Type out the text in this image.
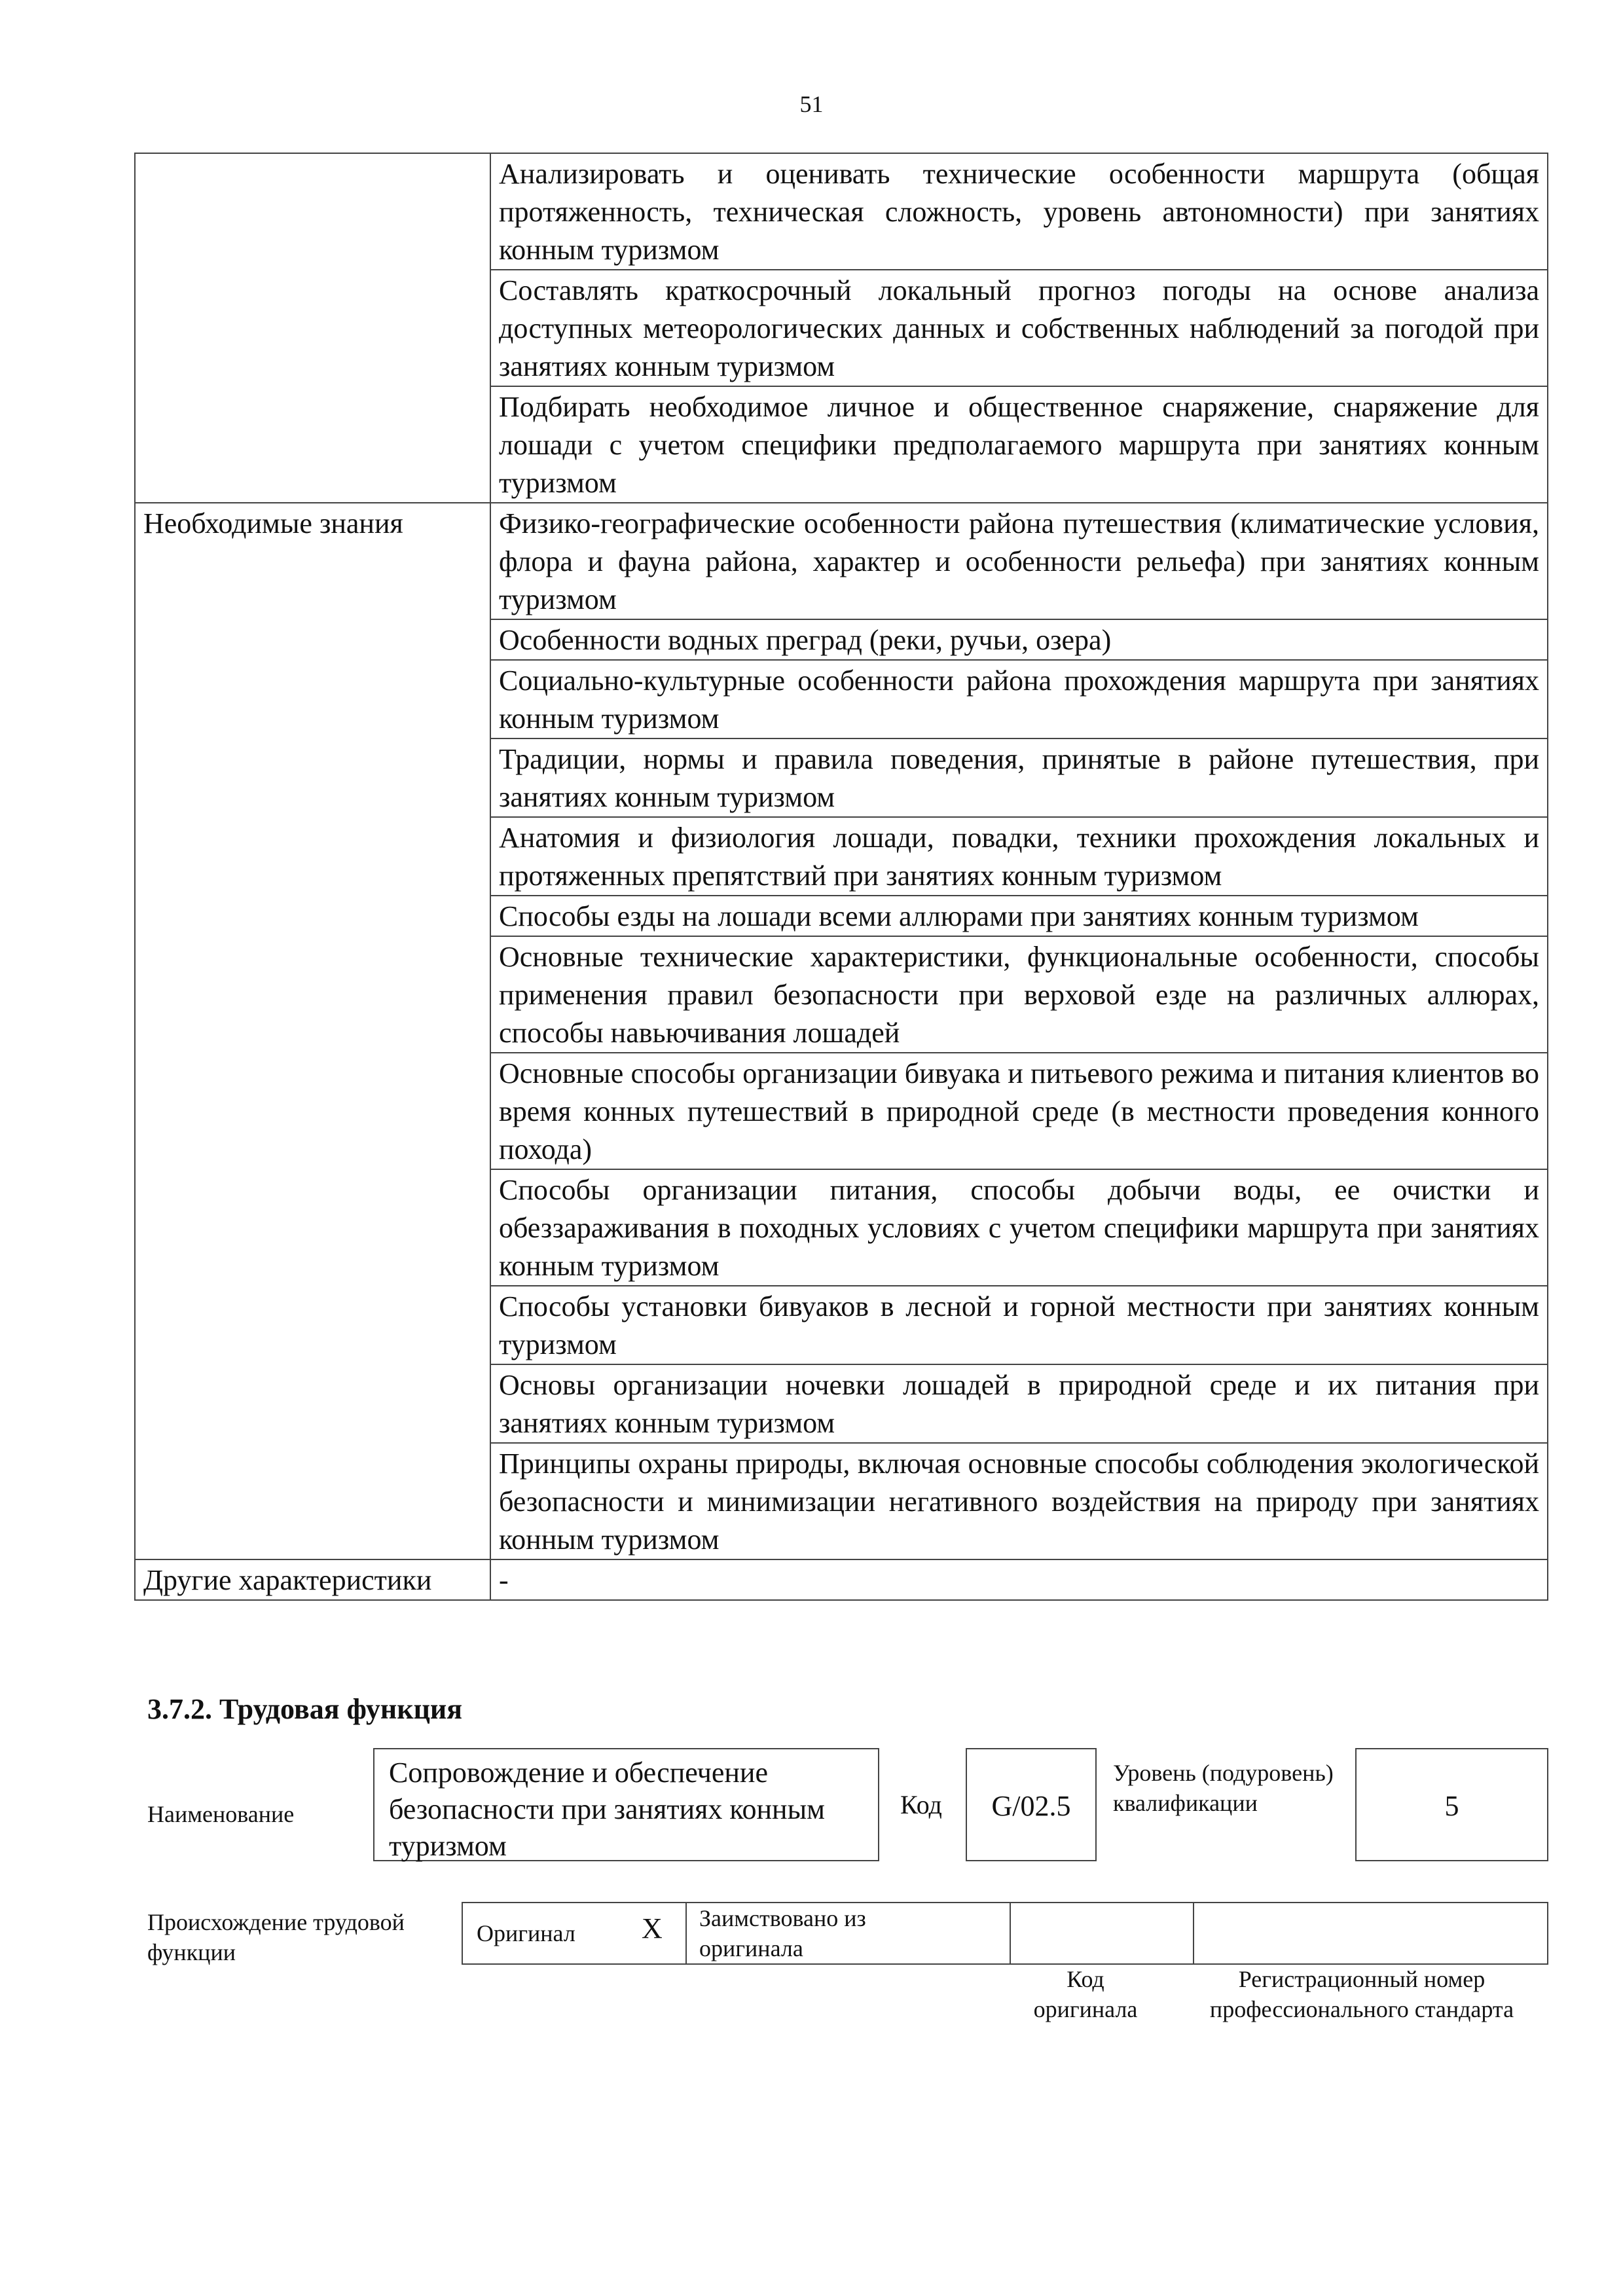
51
	Анализировать и оценивать технические особенности маршрута (общая протяженность, техническая сложность, уровень автономности) при занятиях конным туризмом
	Составлять краткосрочный локальный прогноз погоды на основе анализа доступных метеорологических данных и собственных наблюдений за погодой при занятиях конным туризмом
	Подбирать необходимое личное и общественное снаряжение, снаряжение для лошади с учетом специфики предполагаемого маршрута при занятиях конным туризмом
Необходимые знания	Физико-географические особенности района путешествия (климатические условия, флора и фауна района, характер и особенности рельефа) при занятиях конным туризмом
	Особенности водных преград (реки, ручьи, озера)
	Социально-культурные особенности района прохождения маршрута при занятиях конным туризмом
	Традиции, нормы и правила поведения, принятые в районе путешествия, при занятиях конным туризмом
	Анатомия и физиология лошади, повадки, техники прохождения локальных и протяженных препятствий при занятиях конным туризмом
	Способы езды на лошади всеми аллюрами при занятиях конным туризмом
	Основные технические характеристики, функциональные особенности, способы применения правил безопасности при верховой езде на различных аллюрах, способы навьючивания лошадей
	Основные способы организации бивуака и питьевого режима и питания клиентов во время конных путешествий в природной среде (в местности проведения конного похода)
	Способы организации питания, способы добычи воды, ее очистки и обеззараживания в походных условиях с учетом специфики маршрута при занятиях конным туризмом
	Способы установки бивуаков в лесной и горной местности при занятиях конным туризмом
	Основы организации ночевки лошадей в природной среде и их питания при занятиях конным туризмом
	Принципы охраны природы, включая основные способы соблюдения экологической безопасности и минимизации негативного воздействия на природу при занятиях конным туризмом
Другие характеристики	-
3.7.2. Трудовая функция
Наименование
Сопровождение и обеспечение безопасности при занятиях конным туризмом
Код	G/02.5
Уровень (подуровень) квалификации	5
Происхождение трудовой функции
Оригинал X Заимствовано из оригинала
Код оригинала
Регистрационный номер профессионального стандарта
